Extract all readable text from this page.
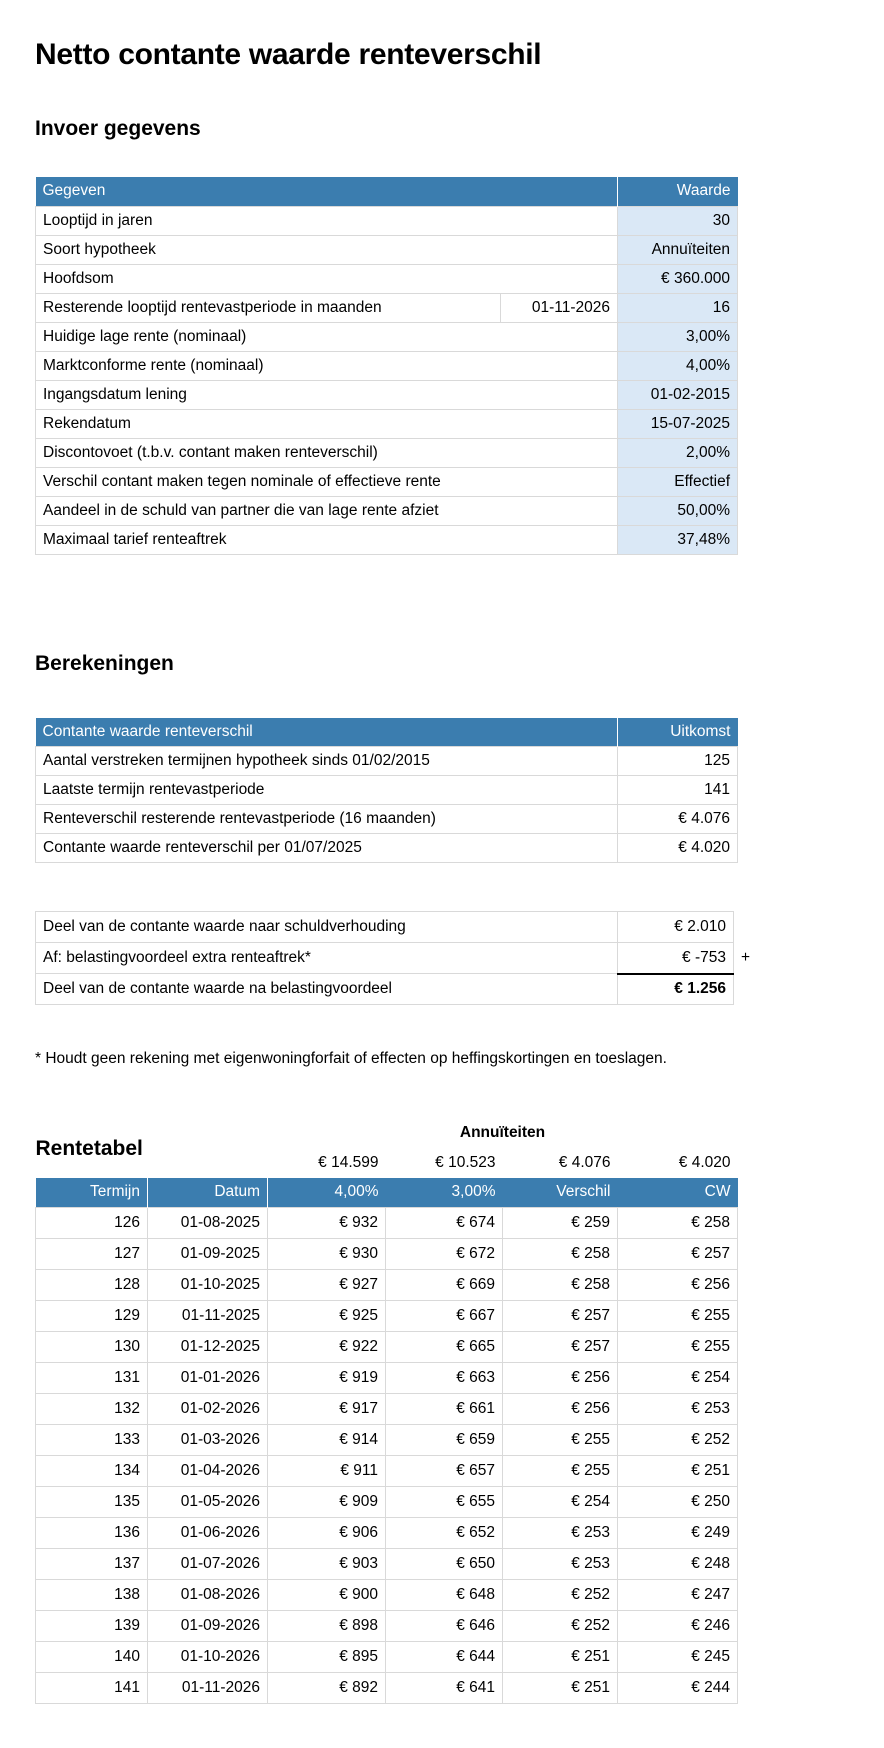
Netto contante waarde renteverschil
Invoer gegevens
Gegeven		Waarde
Looptijd in jaren		30
Soort hypotheek		Annuïteiten
Hoofdsom		€ 360.000
Resterende looptijd rentevastperiode in maanden	01-11-2026	16
Huidige lage rente (nominaal)		3,00%
Marktconforme rente (nominaal)		4,00%
Ingangsdatum lening		01-02-2015
Rekendatum		15-07-2025
Discontovoet (t.b.v. contant maken renteverschil)		2,00%
Verschil contant maken tegen nominale of effectieve rente		Effectief
Aandeel in de schuld van partner die van lage rente afziet		50,00%
Maximaal tarief renteaftrek		37,48%
Berekeningen
Contante waarde renteverschil	Uitkomst
Aantal verstreken termijnen hypotheek sinds 01/02/2015	125
Laatste termijn rentevastperiode	141
Renteverschil resterende rentevastperiode (16 maanden)	€ 4.076
Contante waarde renteverschil per 01/07/2025	€ 4.020
Deel van de contante waarde naar schuldverhouding	€ 2.010
Af: belastingvoordeel extra renteaftrek*	€ -753 +

Deel van de contante waarde na belastingvoordeel	€ 1.256
* Houdt geen rekening met eigenwoningforfait of effecten op heffingskortingen en toeslagen.
Rentetabel
	Annuïteiten
		€ 14.599	€ 10.523	€ 4.076	€ 4.020
Termijn	Datum	4,00%	3,00%	Verschil	CW
126	01-08-2025	€ 932	€ 674	€ 259	€ 258
127	01-09-2025	€ 930	€ 672	€ 258	€ 257
128	01-10-2025	€ 927	€ 669	€ 258	€ 256
129	01-11-2025	€ 925	€ 667	€ 257	€ 255
130	01-12-2025	€ 922	€ 665	€ 257	€ 255
131	01-01-2026	€ 919	€ 663	€ 256	€ 254
132	01-02-2026	€ 917	€ 661	€ 256	€ 253
133	01-03-2026	€ 914	€ 659	€ 255	€ 252
134	01-04-2026	€ 911	€ 657	€ 255	€ 251
135	01-05-2026	€ 909	€ 655	€ 254	€ 250
136	01-06-2026	€ 906	€ 652	€ 253	€ 249
137	01-07-2026	€ 903	€ 650	€ 253	€ 248
138	01-08-2026	€ 900	€ 648	€ 252	€ 247
139	01-09-2026	€ 898	€ 646	€ 252	€ 246
140	01-10-2026	€ 895	€ 644	€ 251	€ 245
141	01-11-2026	€ 892	€ 641	€ 251	€ 244
